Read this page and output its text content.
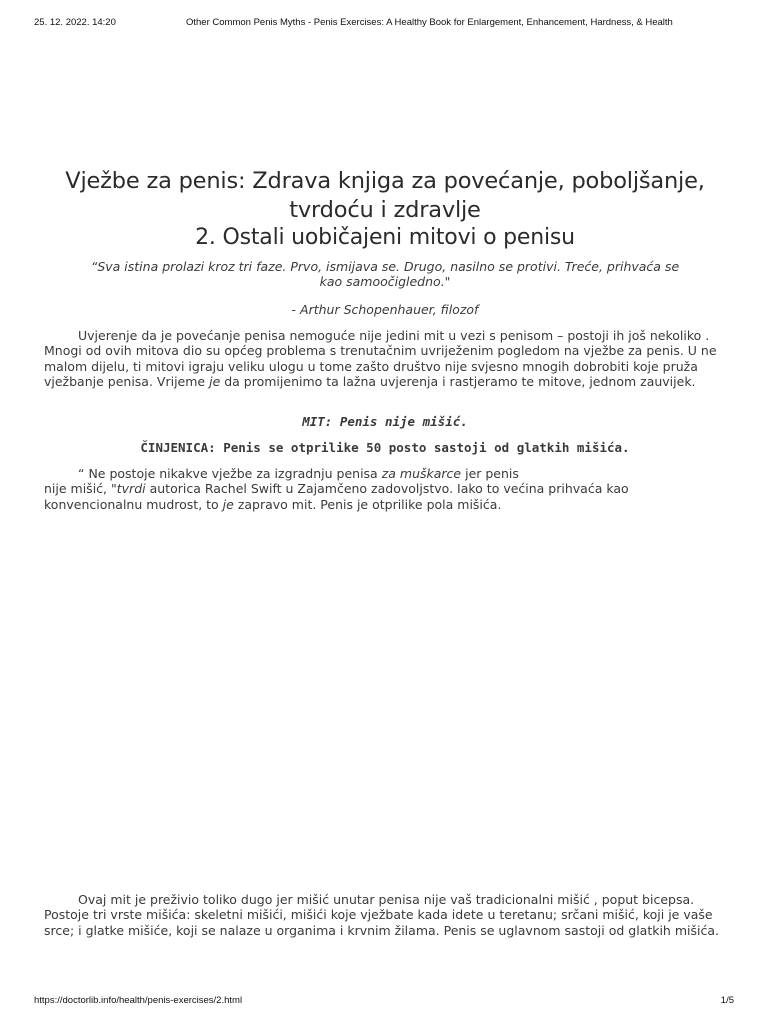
25. 12. 2022. 14:20	Other Common Penis Myths - Penis Exercises: A Healthy Book for Enlargement, Enhancement, Hardness, & Health
Vježbe za penis: Zdrava knjiga za povećanje, poboljšanje,
tvrdoću i zdravlje
2. Ostali uobičajeni mitovi o penisu
“Sva istina prolazi kroz tri faze. Prvo, ismijava se. Drugo, nasilno se protivi. Treće, prihvaća se
kao samoočigledno."
- Arthur Schopenhauer, filozof

Uvjerenje da je povećanje penisa nemoguće nije jedini mit u vezi s penisom – postoji ih još nekoliko . Mnogi od ovih mitova dio su općeg problema s trenutačnim uvriježenim pogledom na vježbe za penis. U ne malom dijelu, ti mitovi igraju veliku ulogu u tome zašto društvo nije svjesno mnogih dobrobiti koje pruža vježbanje penisa. Vrijeme je da promijenimo ta lažna uvjerenja i rastjeramo te mitove, jednom zauvijek.

MIT: Penis nije mišić.
ČINJENICA: Penis se otprilike 50 posto sastoji od glatkih mišića.

“ Ne postoje nikakve vježbe za izgradnju penisa za muškarce jer penis
nije mišić, "tvrdi autorica Rachel Swift u Zajamčeno zadovoljstvo. Iako to većina prihvaća kao konvencionalnu mudrost, to je zapravo mit. Penis je otprilike pola mišića.

Ovaj mit je preživio toliko dugo jer mišić unutar penisa nije vaš tradicionalni mišić , poput bicepsa. Postoje tri vrste mišića: skeletni mišići, mišići koje vježbate kada idete u teretanu; srčani mišić, koji je vaše srce; i glatke mišiće, koji se nalaze u organima i krvnim žilama. Penis se uglavnom sastoji od glatkih mišića.

https://doctorlib.info/health/penis-exercises/2.html	1/5
